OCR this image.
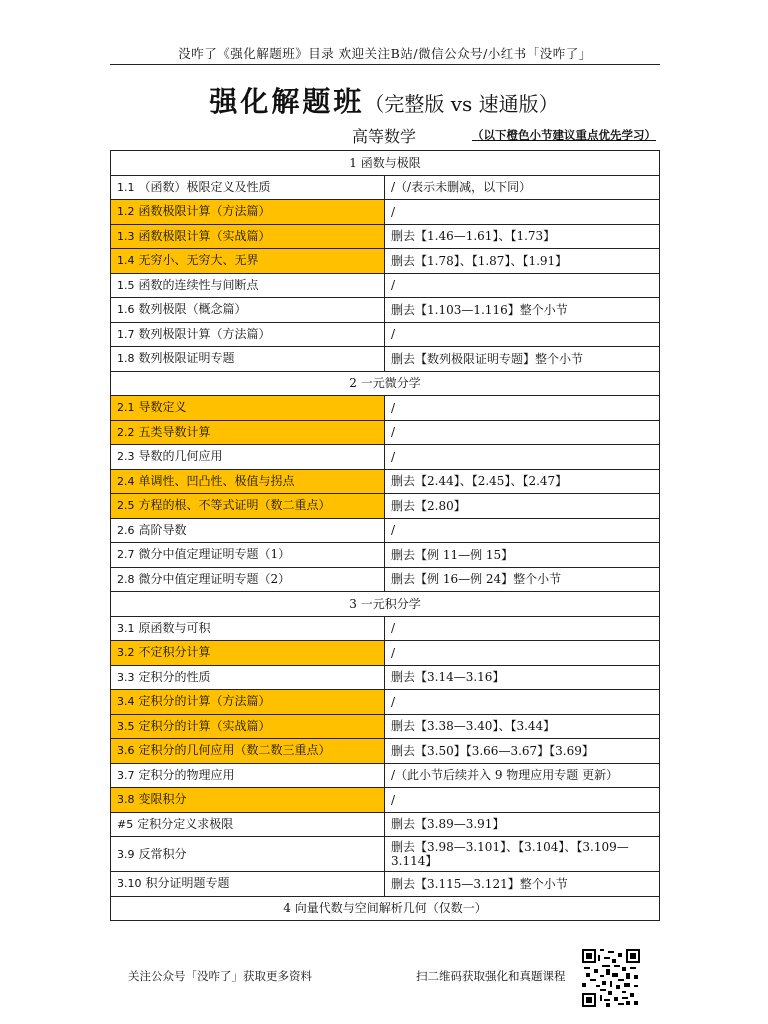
没咋了《强化解题班》目录 欢迎关注B站/微信公众号/小红书「没咋了」
强化解题班（完整版 vs 速通版）
高等数学	（以下橙色小节建议重点优先学习）
1 函数与极限	
1.1 （函数）极限定义及性质	/（/表示未删减，以下同）
1.2 函数极限计算（方法篇）	/
1.3 函数极限计算（实战篇）	删去【1.46—1.61】、【1.73】
1.4 无穷小、无穷大、无界	删去【1.78】、【1.87】、【1.91】
1.5 函数的连续性与间断点	/
1.6 数列极限（概念篇）	删去【1.103—1.116】整个小节
1.7 数列极限计算（方法篇）	/
1.8 数列极限证明专题	删去【数列极限证明专题】整个小节
2 一元微分学	
2.1 导数定义	/
2.2 五类导数计算	/
2.3 导数的几何应用	/
2.4 单调性、凹凸性、极值与拐点	删去【2.44】、【2.45】、【2.47】
2.5 方程的根、不等式证明（数二重点）	删去【2.80】
2.6 高阶导数	/
2.7 微分中值定理证明专题（1）	删去【例 11—例 15】
2.8 微分中值定理证明专题（2）	删去【例 16—例 24】整个小节
3 一元积分学	
3.1 原函数与可积	/
3.2 不定积分计算	/
3.3 定积分的性质	删去【3.14—3.16】
3.4 定积分的计算（方法篇）	/
3.5 定积分的计算（实战篇）	删去【3.38—3.40】、【3.44】
3.6 定积分的几何应用（数二数三重点）	删去【3.50】【3.66—3.67】【3.69】
3.7 定积分的物理应用	/（此小节后续并入 9 物理应用专题 更新）
3.8 变限积分	/
#5 定积分定义求极限	删去【3.89—3.91】
3.9 反常积分	删去【3.98—3.101】、【3.104】、【3.109—3.114】
3.10 积分证明题专题	删去【3.115—3.121】整个小节
4 向量代数与空间解析几何（仅数一）	
关注公众号「没咋了」获取更多资料	扫二维码获取强化和真题课程
